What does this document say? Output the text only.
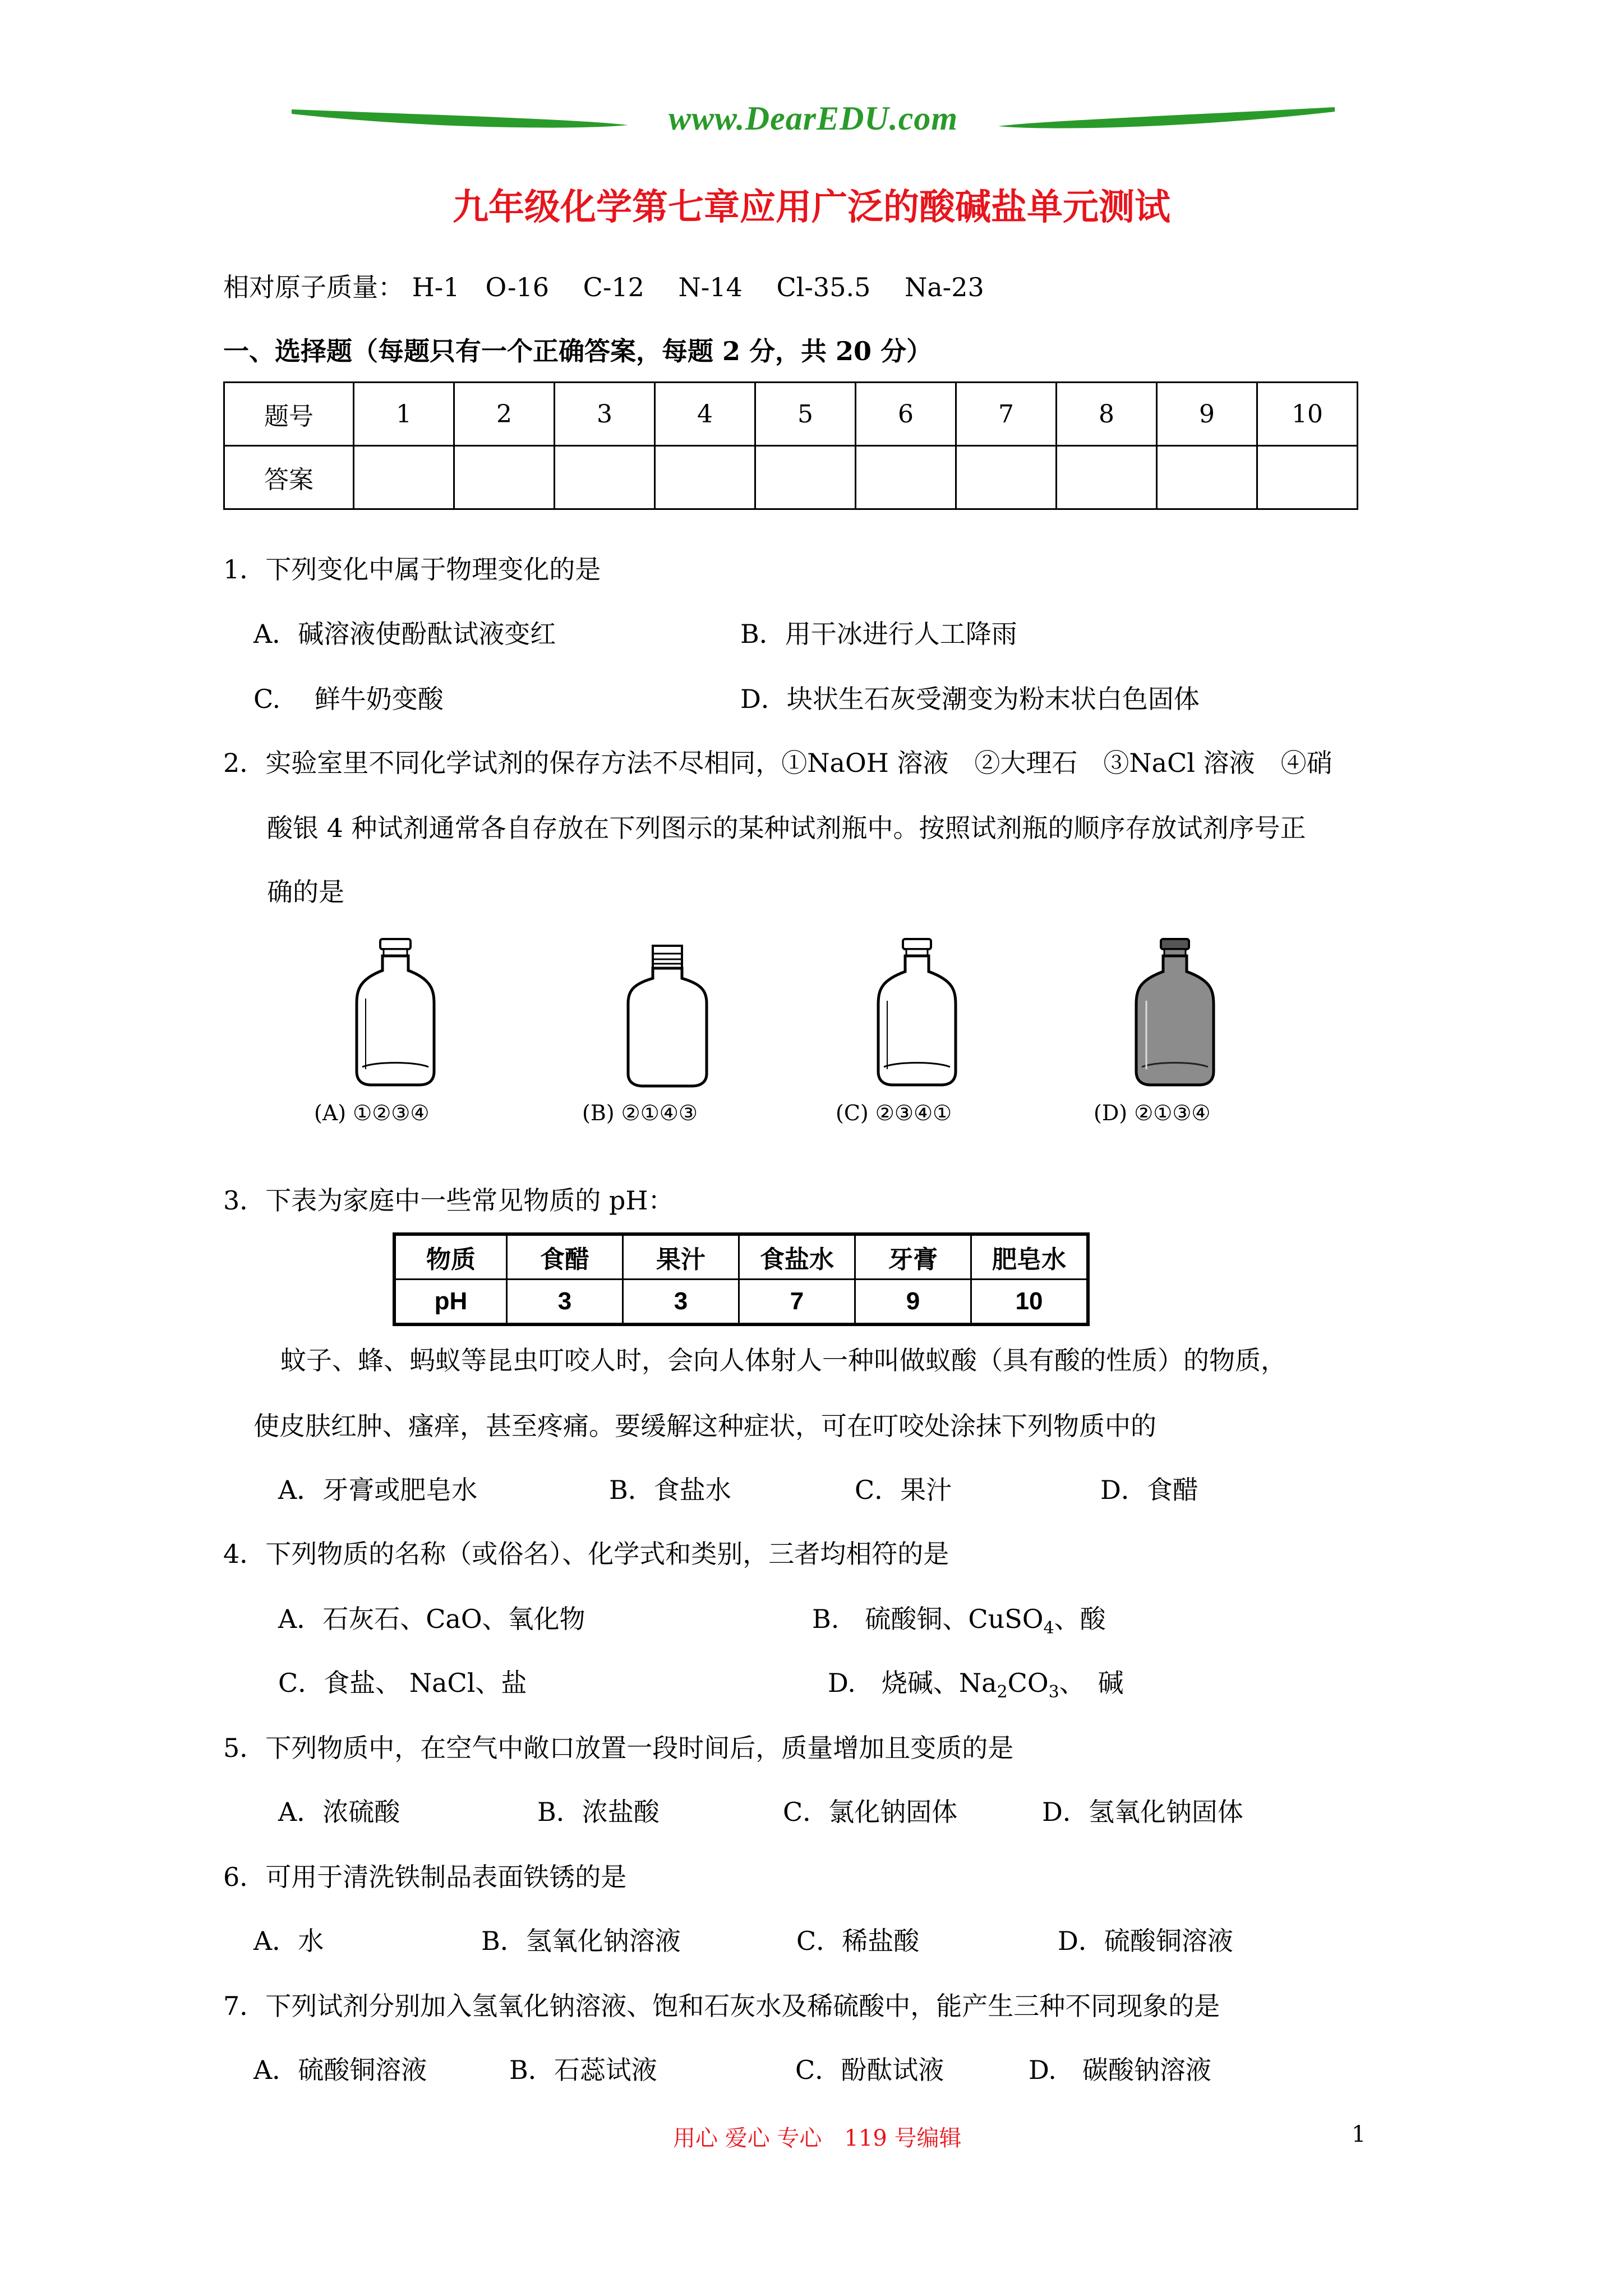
www.DearEDU.com
九年级化学第七章应用广泛的酸碱盐单元测试
相对原子质量： H-1　O-16　 C-12　 N-14　 Cl-35.5　 Na-23
一、选择题（每题只有一个正确答案，每题 2 分，共 20 分）
题号	1	2	3	4	5	6	7	8	9	10
答案										
1．下列变化中属于物理变化的是
A．碱溶液使酚酞试液变红	B．用干冰进行人工降雨
C.　 鲜牛奶变酸	D．块状生石灰受潮变为粉末状白色固体
2．实验室里不同化学试剂的保存方法不尽相同，①NaOH 溶液　②大理石　③NaCl 溶液　④硝
酸银 4 种试剂通常各自存放在下列图示的某种试剂瓶中。按照试剂瓶的顺序存放试剂序号正
确的是
(A) ①②③④	(B) ②①④③	(C) ②③④①	(D) ②①③④
3．下表为家庭中一些常见物质的 pH：
物质	食醋	果汁	食盐水	牙膏	肥皂水
pH	3	3	7	9	10
蚊子、蜂、蚂蚁等昆虫叮咬人时，会向人体射人一种叫做蚁酸（具有酸的性质）的物质，
使皮肤红肿、瘙痒，甚至疼痛。要缓解这种症状，可在叮咬处涂抹下列物质中的
A．牙膏或肥皂水	B．食盐水	C．果汁	D．食醋
4．下列物质的名称（或俗名）、化学式和类别，三者均相符的是
A．石灰石、CaO、氧化物	B.　硫酸铜、CuSO$_4$、酸
C．食盐、 NaCl、盐	D.　烧碱、$Na_2CO_3$、　碱
5．下列物质中，在空气中敞口放置一段时间后，质量增加且变质的是
A．浓硫酸	B．浓盐酸	C．氯化钠固体	D．氢氧化钠固体
6．可用于清洗铁制品表面铁锈的是
A．水	B．氢氧化钠溶液	C．稀盐酸	D．硫酸铜溶液
7．下列试剂分别加入氢氧化钠溶液、饱和石灰水及稀硫酸中，能产生三种不同现象的是
A．硫酸铜溶液	B．石蕊试液	C．酚酞试液	D.　碳酸钠溶液
用心 爱心 专心　119 号编辑	1
